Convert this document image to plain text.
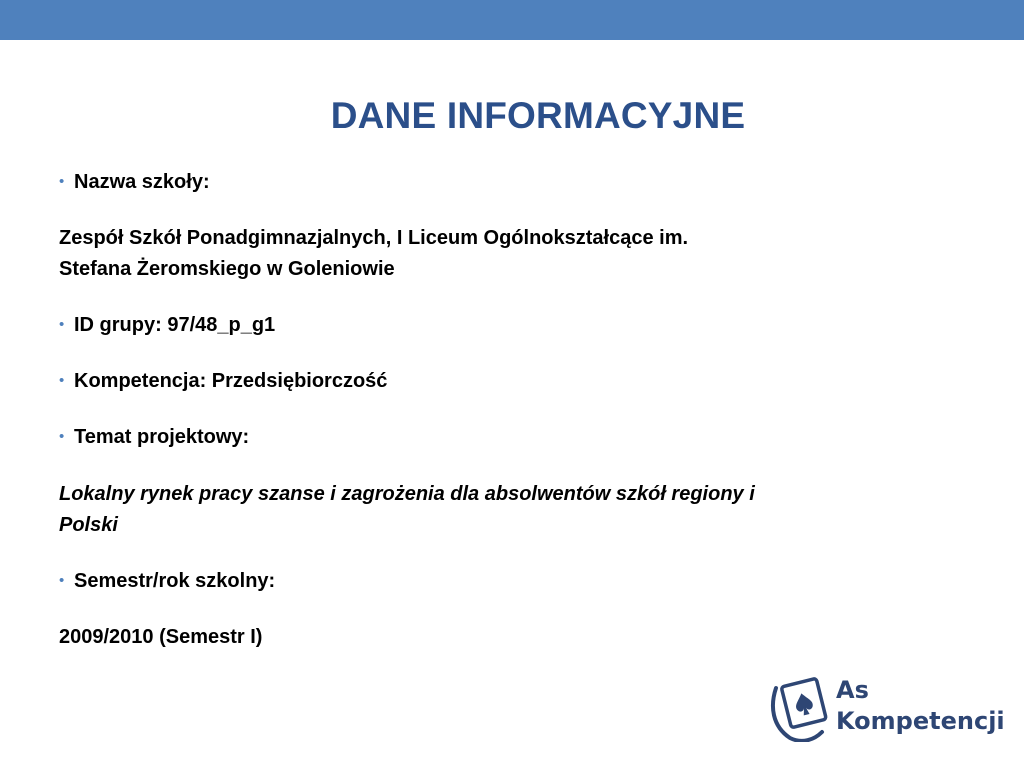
DANE INFORMACYJNE
• Nazwa szkoły:
Zespół Szkół Ponadgimnazjalnych, I Liceum Ogólnokształcące im.
Stefana Żeromskiego w Goleniowie
• ID grupy: 97/48_p_g1
• Kompetencja: Przedsiębiorczość
• Temat projektowy:
Lokalny rynek pracy szanse i zagrożenia dla absolwentów szkół regiony i
Polski
• Semestr/rok szkolny:
2009/2010 (Semestr I)
As
Kompetencji
